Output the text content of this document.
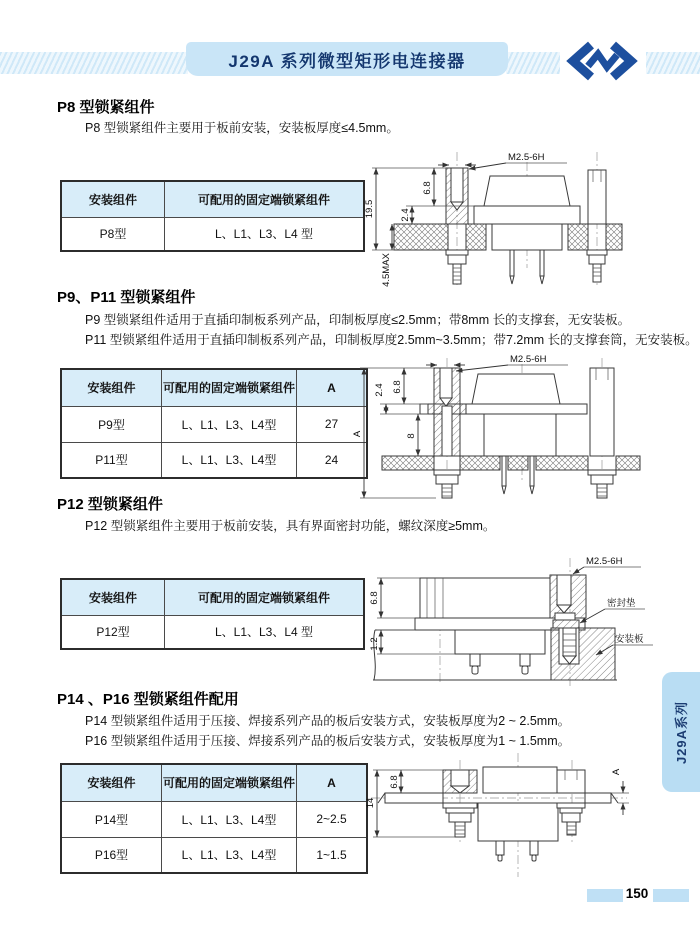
J29A 系列微型矩形电连接器
P8 型锁紧组件
P8 型锁紧组件主要用于板前安装，安装板厚度≤4.5mm。
安装组件	可配用的固定端锁紧组件
P8型	L、L1、L3、L4 型
19.5	2.4
6.8
4.5MAX
M2.5-6H
P9、P11 型锁紧组件
P9 型锁紧组件适用于直插印制板系列产品，印制板厚度≤2.5mm；带8mm 长的支撑套，无安装板。
P11 型锁紧组件适用于直插印制板系列产品，印制板厚度2.5mm~3.5mm；带7.2mm 长的支撑套筒，无安装板。
安装组件	可配用的固定端锁紧组件	A
P9型	L、L1、L3、L4型	27
P11型	L、L1、L3、L4型	24
A
2.4 6.8
8
M2.5-6H
P12 型锁紧组件
P12 型锁紧组件主要用于板前安装，具有界面密封功能，螺纹深度≥5mm。
安装组件	可配用的固定端锁紧组件
P12型	L、L1、L3、L4 型
6.8
1.2
M2.5-6H
密封垫
安装板
P14 、P16 型锁紧组件配用
P14 型锁紧组件适用于压接、焊接系列产品的板后安装方式，安装板厚度为2 ~ 2.5mm。
P16 型锁紧组件适用于压接、焊接系列产品的板后安装方式，安装板厚度为1 ~ 1.5mm。
安装组件	可配用的固定端锁紧组件	A
P14型	L、L1、L3、L4型	2~2.5
P16型	L、L1、L3、L4型	1~1.5
14
6.8
A
J29A系列
150
